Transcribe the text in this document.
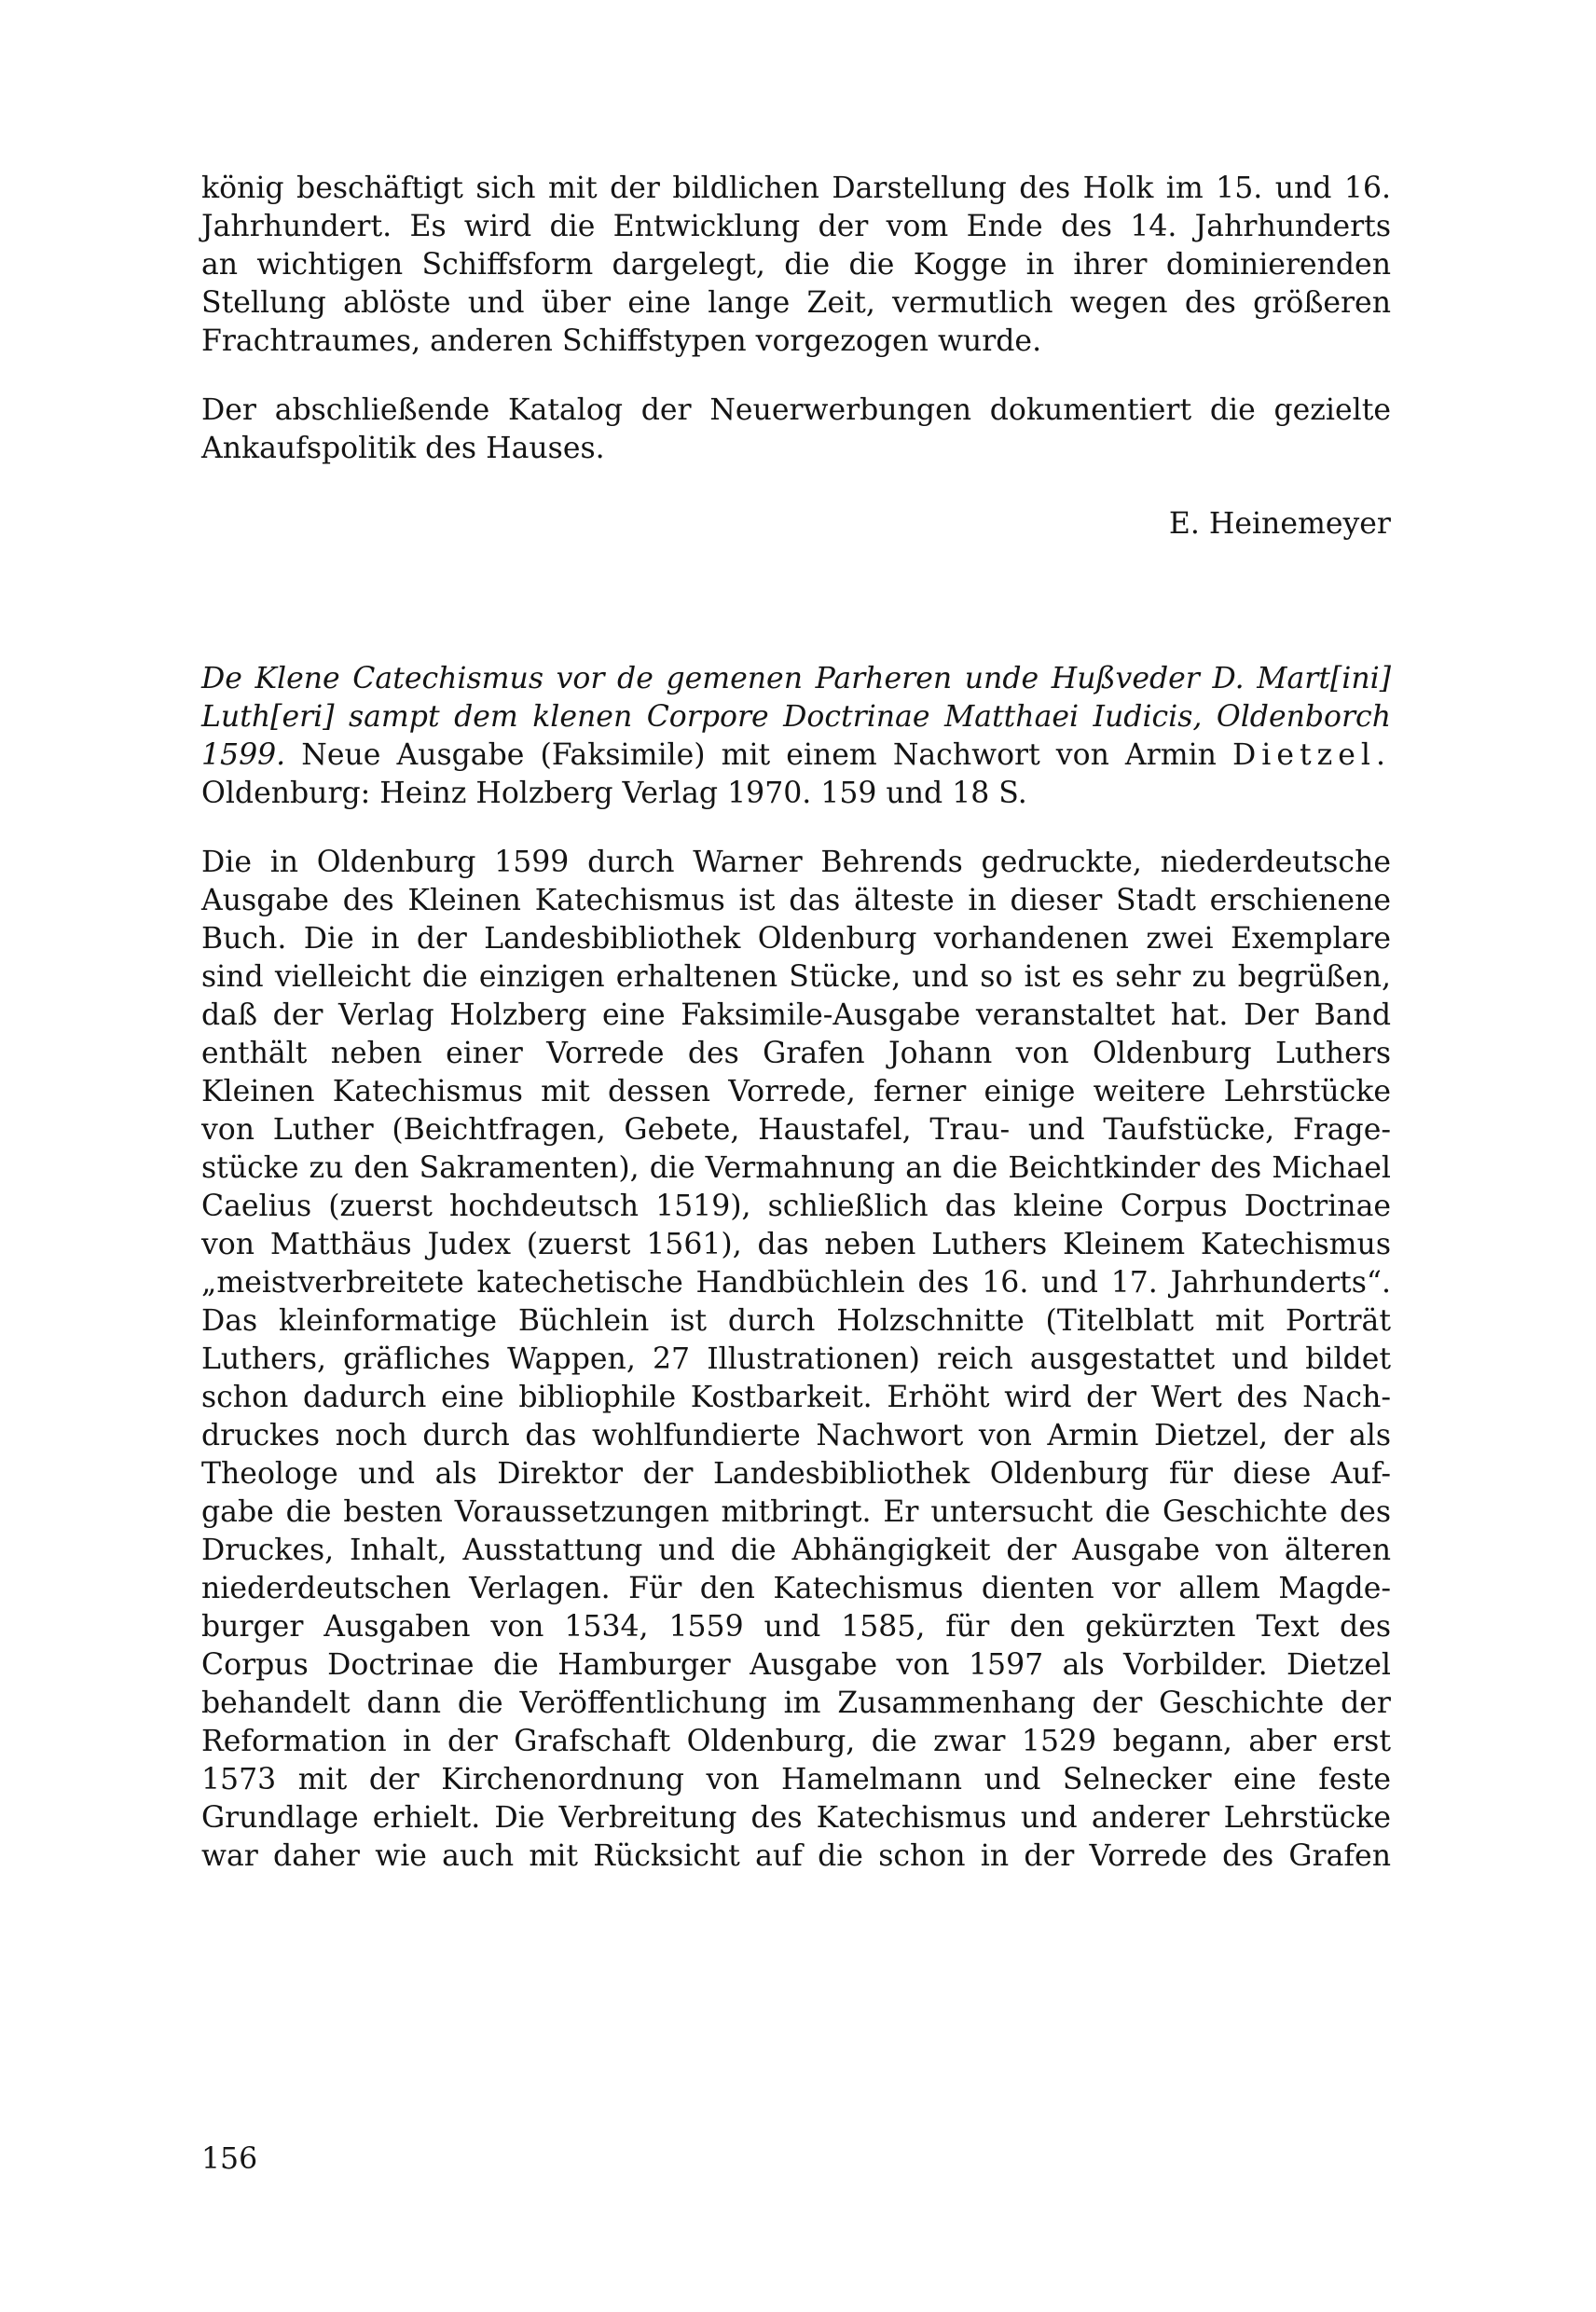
könig beschäftigt sich mit der bildlichen Darstellung des Holk im 15. und 16.
Jahrhundert. Es wird die Entwicklung der vom Ende des 14. Jahrhunderts
an wichtigen Schiffsform dargelegt, die die Kogge in ihrer dominierenden
Stellung ablöste und über eine lange Zeit, vermutlich wegen des größeren
Frachtraumes, anderen Schiffstypen vorgezogen wurde.
Der abschließende Katalog der Neuerwerbungen dokumentiert die gezielte
Ankaufspolitik des Hauses.
E. Heinemeyer
De Klene Catechismus vor de gemenen Parheren unde Hußveder D. Mart[ini]
Luth[eri] sampt dem klenen Corpore Doctrinae Matthaei Iudicis, Oldenborch
1599. Neue Ausgabe (Faksimile) mit einem Nachwort von Armin Dietzel.
Oldenburg: Heinz Holzberg Verlag 1970. 159 und 18 S.
Die in Oldenburg 1599 durch Warner Behrends gedruckte, niederdeutsche
Ausgabe des Kleinen Katechismus ist das älteste in dieser Stadt erschienene
Buch. Die in der Landesbibliothek Oldenburg vorhandenen zwei Exemplare
sind vielleicht die einzigen erhaltenen Stücke, und so ist es sehr zu begrüßen,
daß der Verlag Holzberg eine Faksimile-Ausgabe veranstaltet hat. Der Band
enthält neben einer Vorrede des Grafen Johann von Oldenburg Luthers
Kleinen Katechismus mit dessen Vorrede, ferner einige weitere Lehrstücke
von Luther (Beichtfragen, Gebete, Haustafel, Trau- und Taufstücke, Frage-
stücke zu den Sakramenten), die Vermahnung an die Beichtkinder des Michael
Caelius (zuerst hochdeutsch 1519), schließlich das kleine Corpus Doctrinae
von Matthäus Judex (zuerst 1561), das neben Luthers Kleinem Katechismus
„meistverbreitete katechetische Handbüchlein des 16. und 17. Jahrhunderts“.
Das kleinformatige Büchlein ist durch Holzschnitte (Titelblatt mit Porträt
Luthers, gräfliches Wappen, 27 Illustrationen) reich ausgestattet und bildet
schon dadurch eine bibliophile Kostbarkeit. Erhöht wird der Wert des Nach-
druckes noch durch das wohlfundierte Nachwort von Armin Dietzel, der als
Theologe und als Direktor der Landesbibliothek Oldenburg für diese Auf-
gabe die besten Voraussetzungen mitbringt. Er untersucht die Geschichte des
Druckes, Inhalt, Ausstattung und die Abhängigkeit der Ausgabe von älteren
niederdeutschen Verlagen. Für den Katechismus dienten vor allem Magde-
burger Ausgaben von 1534, 1559 und 1585, für den gekürzten Text des
Corpus Doctrinae die Hamburger Ausgabe von 1597 als Vorbilder. Dietzel
behandelt dann die Veröffentlichung im Zusammenhang der Geschichte der
Reformation in der Grafschaft Oldenburg, die zwar 1529 begann, aber erst
1573 mit der Kirchenordnung von Hamelmann und Selnecker eine feste
Grundlage erhielt. Die Verbreitung des Katechismus und anderer Lehrstücke
war daher wie auch mit Rücksicht auf die schon in der Vorrede des Grafen
156
